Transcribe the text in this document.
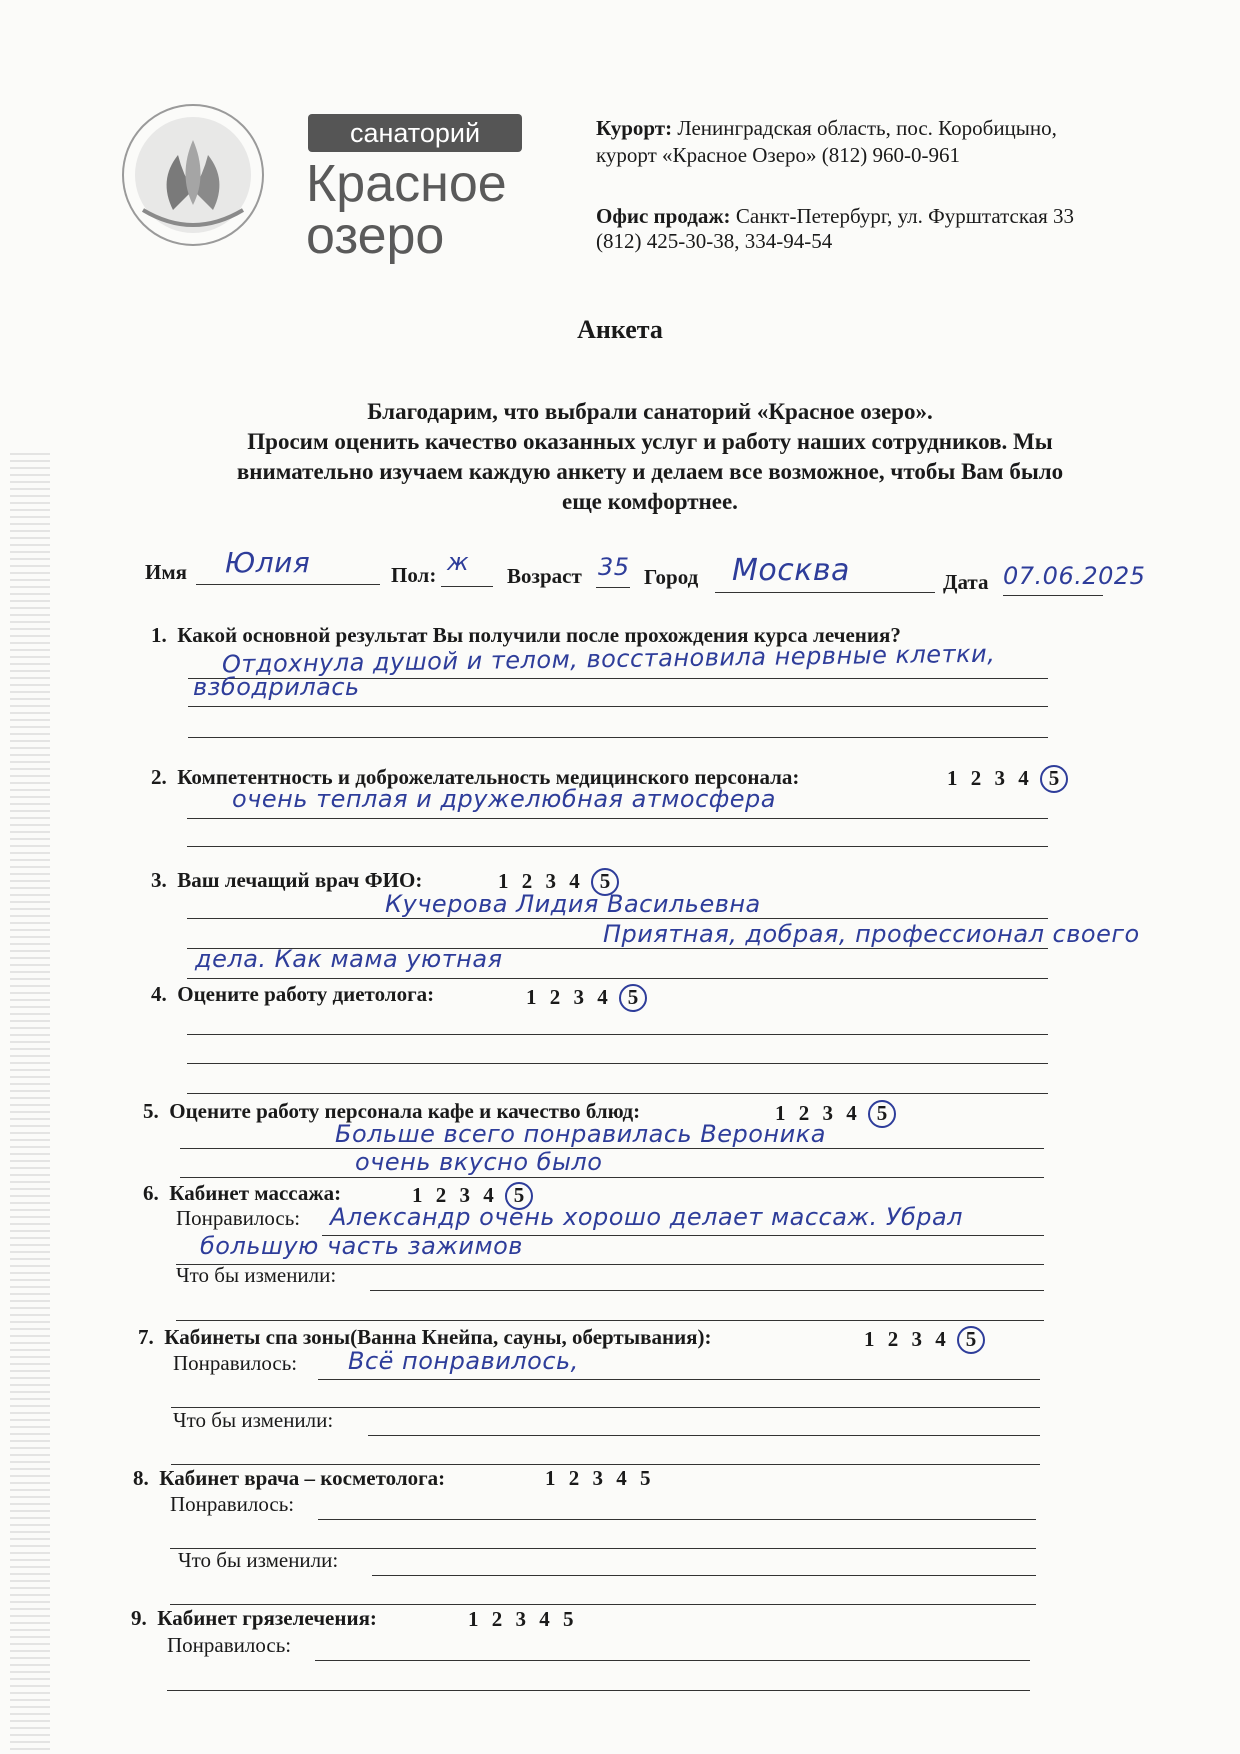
санаторий
Красное
озеро
Курорт: Ленинградская область, пос. Коробицыно,
курорт «Красное Озеро» (812) 960-0-961
Офис продаж: Санкт-Петербург, ул. Фурштатская 33
(812) 425-30-38, 334-94-54
Анкета
Благодарим, что выбрали санаторий «Красное озеро».
Просим оценить качество оказанных услуг и работу наших сотрудников. Мы
внимательно изучаем каждую анкету и делаем все возможное, чтобы Вам было
еще комфортнее.
Имя Юлия	Пол: ж Возраст 35 Город Москва	Дата 07.06.2025
1. Какой основной результат Вы получили после прохождения курса лечения?
Отдохнула душой и телом, восстановила нервные клетки,
взбодрилась
2. Компетентность и доброжелательность медицинского персонала:	1 2 3 4 5
очень теплая и дружелюбная атмосфера
3. Ваш лечащий врач ФИО:	1 2 3 4 5
Кучерова Лидия Васильевна
Приятная, добрая, профессионал своего
дела. Как мама уютная
4. Оцените работу диетолога:	1 2 3 4 5
5. Оцените работу персонала кафе и качество блюд:	1 2 3 4 5
Больше всего понравилась Вероника
очень вкусно было
6. Кабинет массажа:	1 2 3 4 5
Понравилось: Александр очень хорошо делает массаж. Убрал
большую часть зажимов
Что бы изменили:
7. Кабинеты спа зоны(Ванна Кнейпа, сауны, обертывания):	1 2 3 4 5
Понравилось: Всё понравилось,
Что бы изменили:
8. Кабинет врача – косметолога:	1 2 3 4 5
Понравилось:
Что бы изменили:
9. Кабинет грязелечения:	1 2 3 4 5
Понравилось:
